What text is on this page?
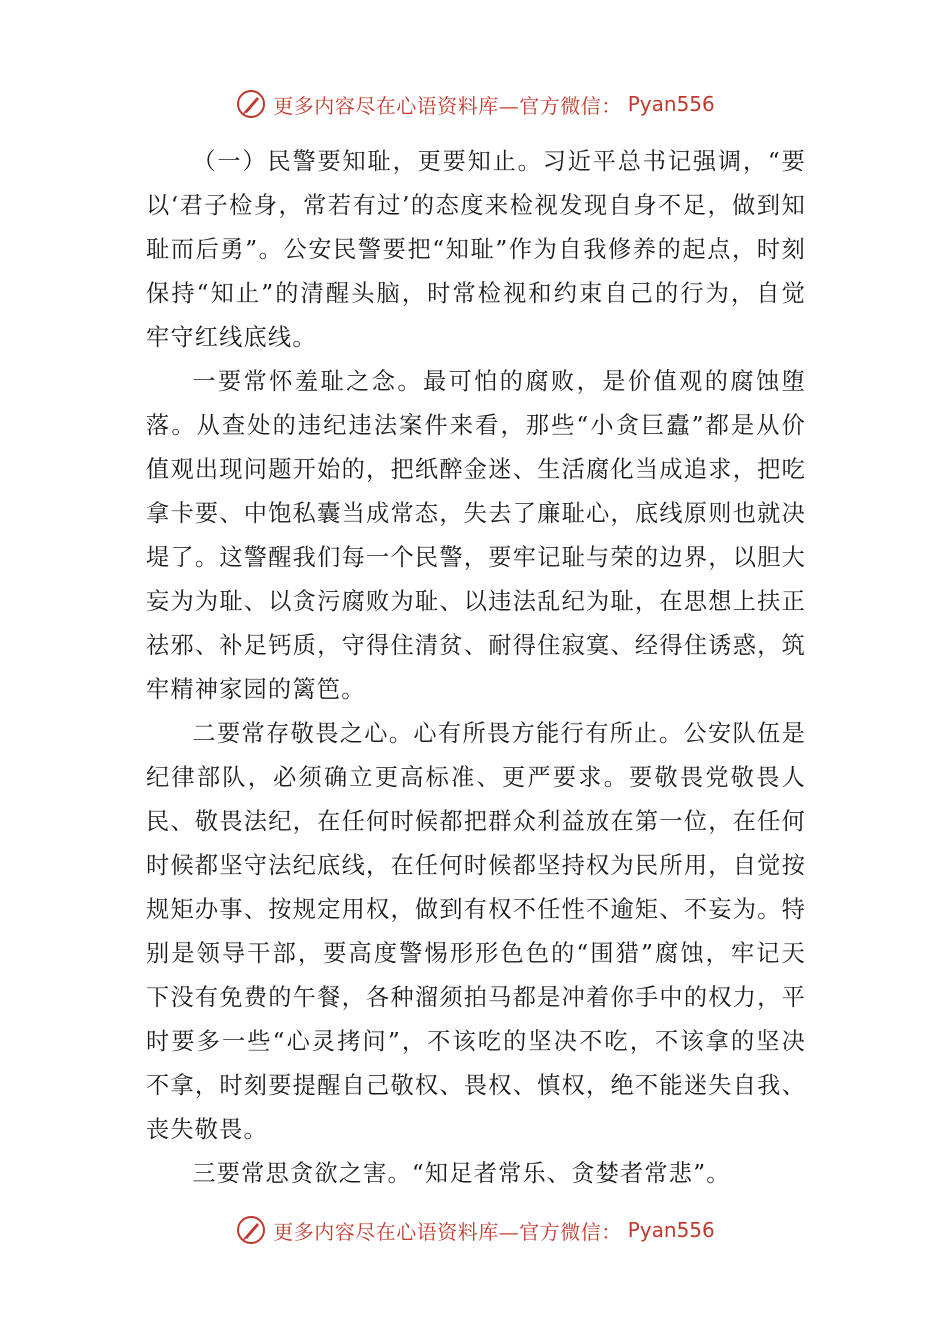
更多内容尽在心语资料库—官方微信： Pyan556

（一）民警要知耻，更要知止。习近平总书记强调，“要以‘君子检身，常若有过’的态度来检视发现自身不足，做到知耻而后勇”。公安民警要把“知耻”作为自我修养的起点，时刻保持“知止”的清醒头脑，时常检视和约束自己的行为，自觉牢守红线底线。

一要常怀羞耻之念。最可怕的腐败，是价值观的腐蚀堕落。从查处的违纪违法案件来看，那些“小贪巨蠹”都是从价值观出现问题开始的，把纸醉金迷、生活腐化当成追求，把吃拿卡要、中饱私囊当成常态，失去了廉耻心，底线原则也就决堤了。这警醒我们每一个民警，要牢记耻与荣的边界，以胆大妄为为耻、以贪污腐败为耻、以违法乱纪为耻，在思想上扶正祛邪、补足钙质，守得住清贫、耐得住寂寞、经得住诱惑，筑牢精神家园的篱笆。

二要常存敬畏之心。心有所畏方能行有所止。公安队伍是纪律部队，必须确立更高标准、更严要求。要敬畏党敬畏人民、敬畏法纪，在任何时候都把群众利益放在第一位，在任何时候都坚守法纪底线，在任何时候都坚持权为民所用，自觉按规矩办事、按规定用权，做到有权不任性不逾矩、不妄为。特别是领导干部，要高度警惕形形色色的“围猎”腐蚀，牢记天下没有免费的午餐，各种溜须拍马都是冲着你手中的权力，平时要多一些“心灵拷问”，不该吃的坚决不吃，不该拿的坚决不拿，时刻要提醒自己敬权、畏权、慎权，绝不能迷失自我、丧失敬畏。

三要常思贪欲之害。“知足者常乐、贪婪者常悲”。

更多内容尽在心语资料库—官方微信： Pyan556
